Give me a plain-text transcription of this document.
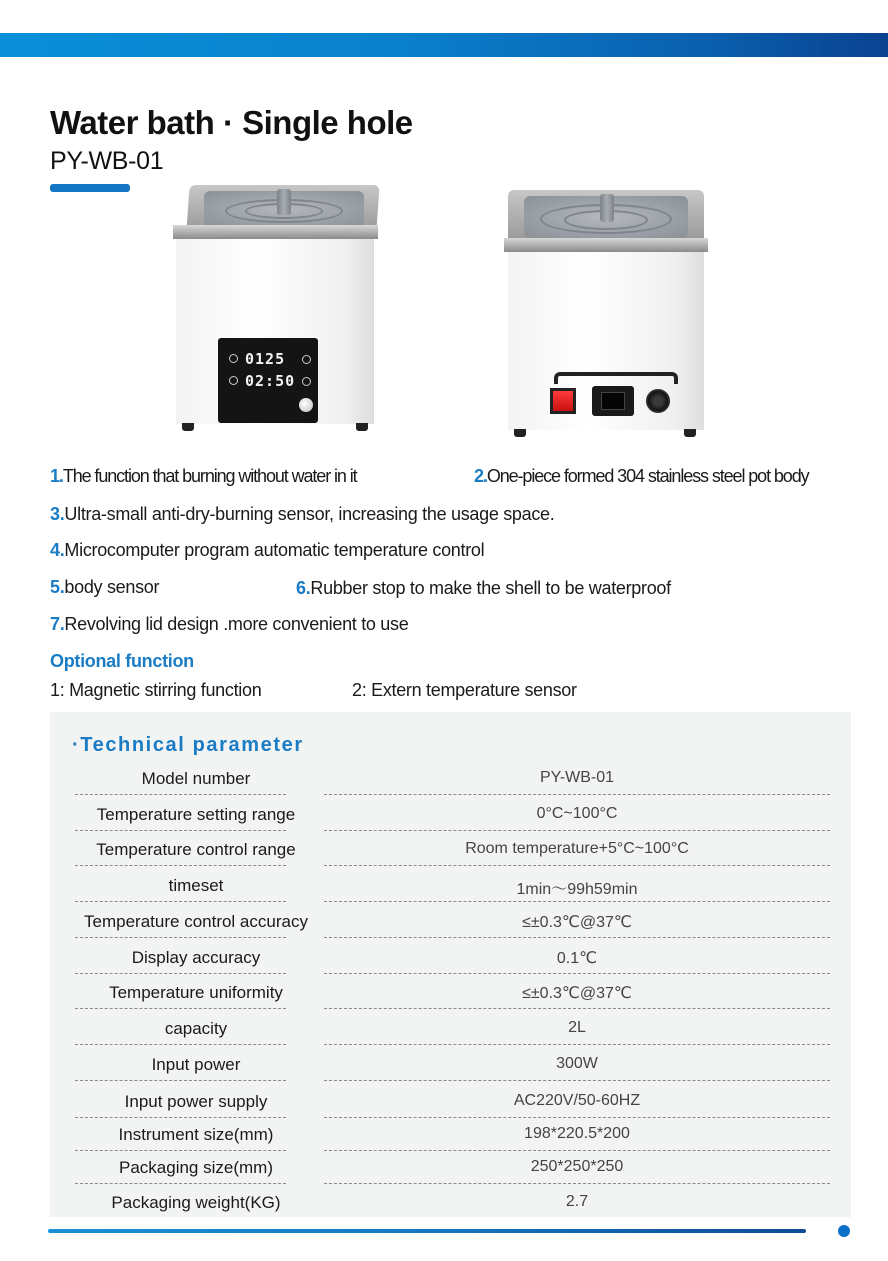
Water bath · Single hole
PY-WB-01
0125
02:50
1.The function that burning without water in it	2.One-piece formed 304 stainless steel pot body
3.Ultra-small anti-dry-burning sensor, increasing the usage space.
4.Microcomputer program automatic temperature control
5.body sensor	6.Rubber stop to make the shell to be waterproof
7.Revolving lid design .more convenient to use
Optional function
1: Magnetic stirring function	2: Extern temperature sensor
·Technical parameter
Model number	PY-WB-01
Temperature setting range	0°C~100°C
Temperature control range	Room temperature+5°C~100°C
timeset	1min～99h59min
Temperature control accuracy	≤±0.3℃@37℃
Display accuracy	0.1℃
Temperature uniformity	≤±0.3℃@37℃
capacity	2L
Input power	300W
Input power supply	AC220V/50-60HZ
Instrument size(mm)	198*220.5*200
Packaging size(mm)	250*250*250
Packaging weight(KG)	2.7
